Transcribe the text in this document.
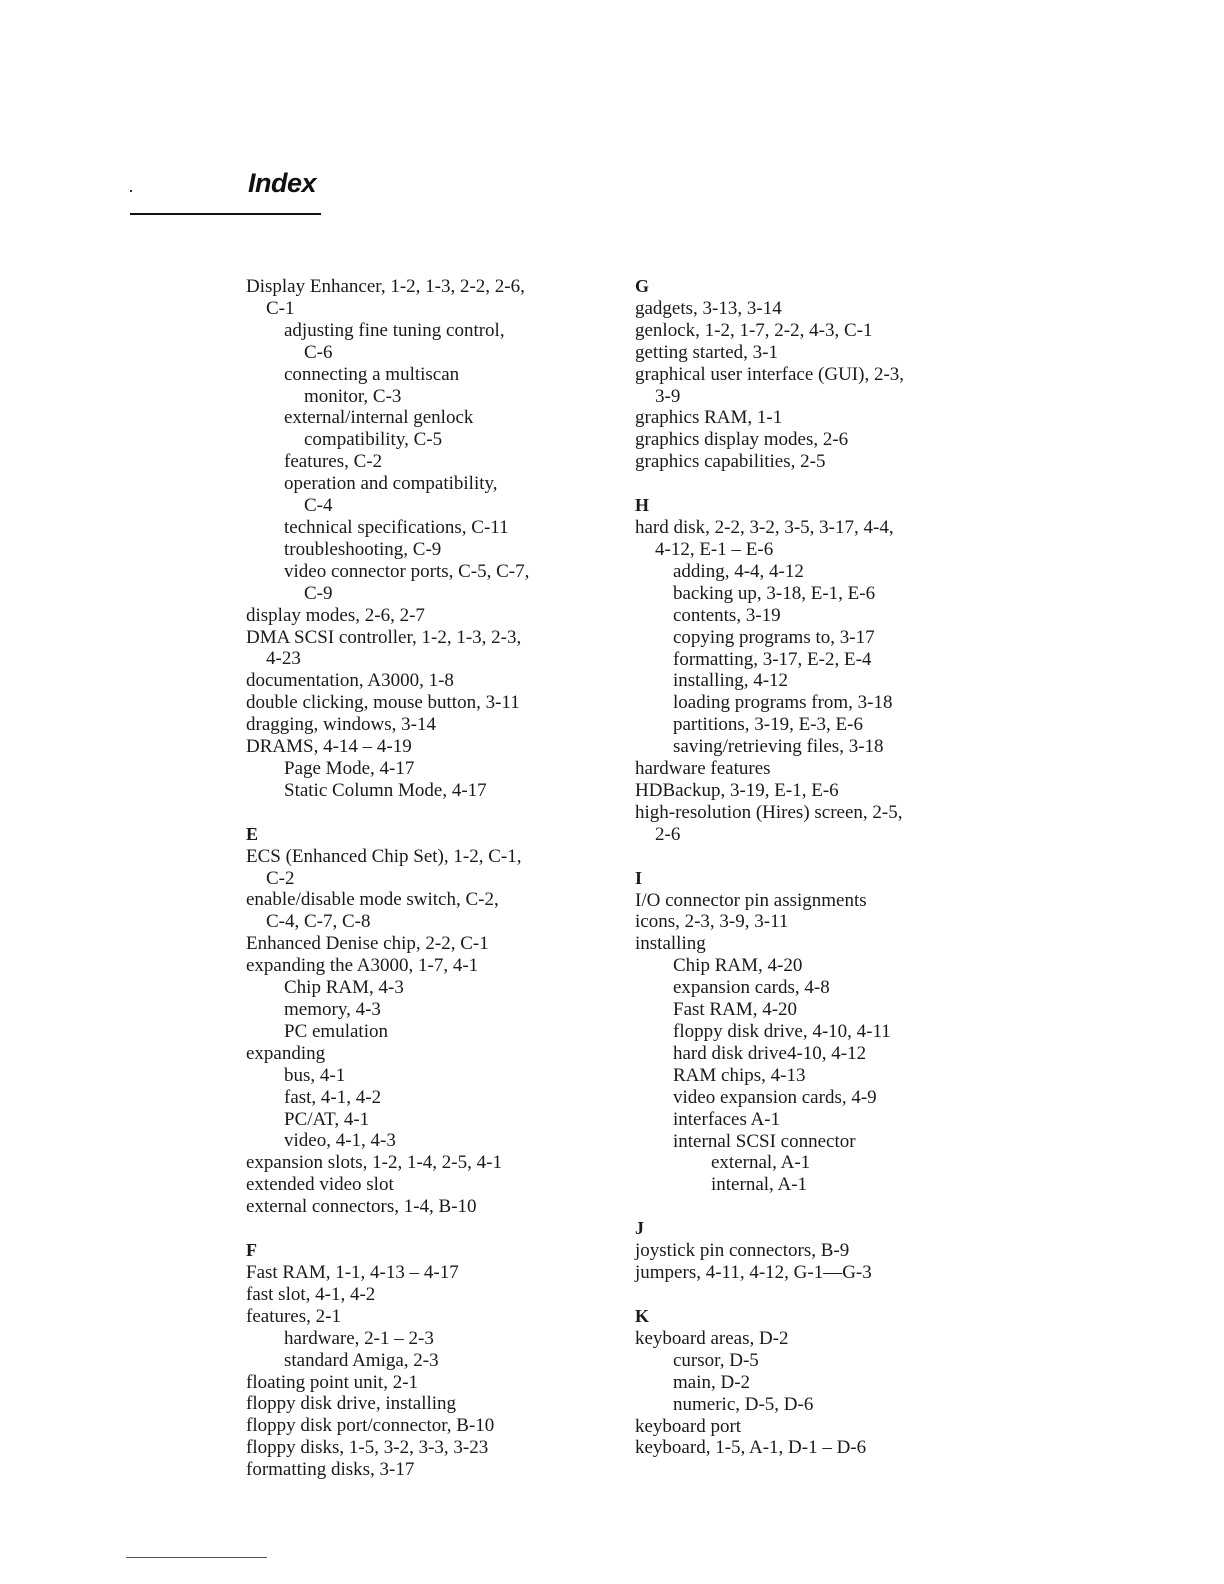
Index
Display Enhancer, 1-2, 1-3, 2-2, 2-6,
C-1
adjusting fine tuning control,
C-6
connecting a multiscan
monitor, C-3
external/internal genlock
compatibility, C-5
features, C-2
operation and compatibility,
C-4
technical specifications, C-11
troubleshooting, C-9
video connector ports, C-5, C-7,
C-9
display modes, 2-6, 2-7
DMA SCSI controller, 1-2, 1-3, 2-3,
4-23
documentation, A3000, 1-8
double clicking, mouse button, 3-11
dragging, windows, 3-14
DRAMS, 4-14 – 4-19
Page Mode, 4-17
Static Column Mode, 4-17
E
ECS (Enhanced Chip Set), 1-2, C-1,
C-2
enable/disable mode switch, C-2,
C-4, C-7, C-8
Enhanced Denise chip, 2-2, C-1
expanding the A3000, 1-7, 4-1
Chip RAM, 4-3
memory, 4-3
PC emulation
expanding
bus, 4-1
fast, 4-1, 4-2
PC/AT, 4-1
video, 4-1, 4-3
expansion slots, 1-2, 1-4, 2-5, 4-1
extended video slot
external connectors, 1-4, B-10
F
Fast RAM, 1-1, 4-13 – 4-17
fast slot, 4-1, 4-2
features, 2-1
hardware, 2-1 – 2-3
standard Amiga, 2-3
floating point unit, 2-1
floppy disk drive, installing
floppy disk port/connector, B-10
floppy disks, 1-5, 3-2, 3-3, 3-23
formatting disks, 3-17
G
gadgets, 3-13, 3-14
genlock, 1-2, 1-7, 2-2, 4-3, C-1
getting started, 3-1
graphical user interface (GUI), 2-3,
3-9
graphics RAM, 1-1
graphics display modes, 2-6
graphics capabilities, 2-5
H
hard disk, 2-2, 3-2, 3-5, 3-17, 4-4,
4-12, E-1 – E-6
adding, 4-4, 4-12
backing up, 3-18, E-1, E-6
contents, 3-19
copying programs to, 3-17
formatting, 3-17, E-2, E-4
installing, 4-12
loading programs from, 3-18
partitions, 3-19, E-3, E-6
saving/retrieving files, 3-18
hardware features
HDBackup, 3-19, E-1, E-6
high-resolution (Hires) screen, 2-5,
2-6
I
I/O connector pin assignments
icons, 2-3, 3-9, 3-11
installing
Chip RAM, 4-20
expansion cards, 4-8
Fast RAM, 4-20
floppy disk drive, 4-10, 4-11
hard disk drive4-10, 4-12
RAM chips, 4-13
video expansion cards, 4-9
interfaces A-1
internal SCSI connector
external, A-1
internal, A-1
J
joystick pin connectors, B-9
jumpers, 4-11, 4-12, G-1—G-3
K
keyboard areas, D-2
cursor, D-5
main, D-2
numeric, D-5, D-6
keyboard port
keyboard, 1-5, A-1, D-1 – D-6
